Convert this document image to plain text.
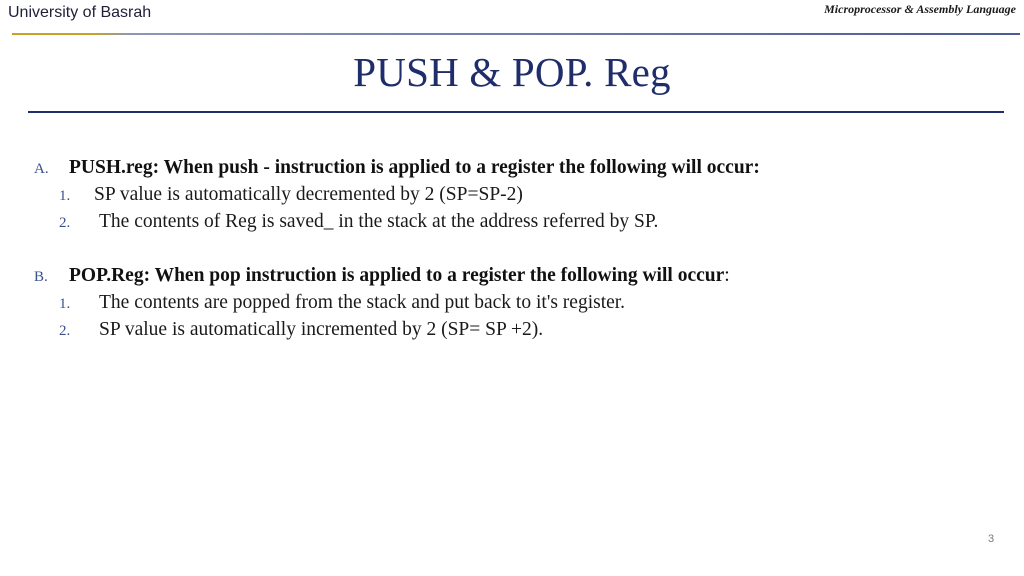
University of Basrah	Microprocessor & Assembly Language
PUSH & POP. Reg
A. PUSH.reg: When push - instruction is applied to a register the following will occur:
1. SP value is automatically decremented by 2 (SP=SP-2)
2. The contents of Reg is saved_ in the stack at the address referred by SP.
B. POP.Reg: When pop instruction is applied to a register the following will occur:
1. The contents are popped from the stack and put back to it's register.
2. SP value is automatically incremented by 2 (SP= SP +2).
3
